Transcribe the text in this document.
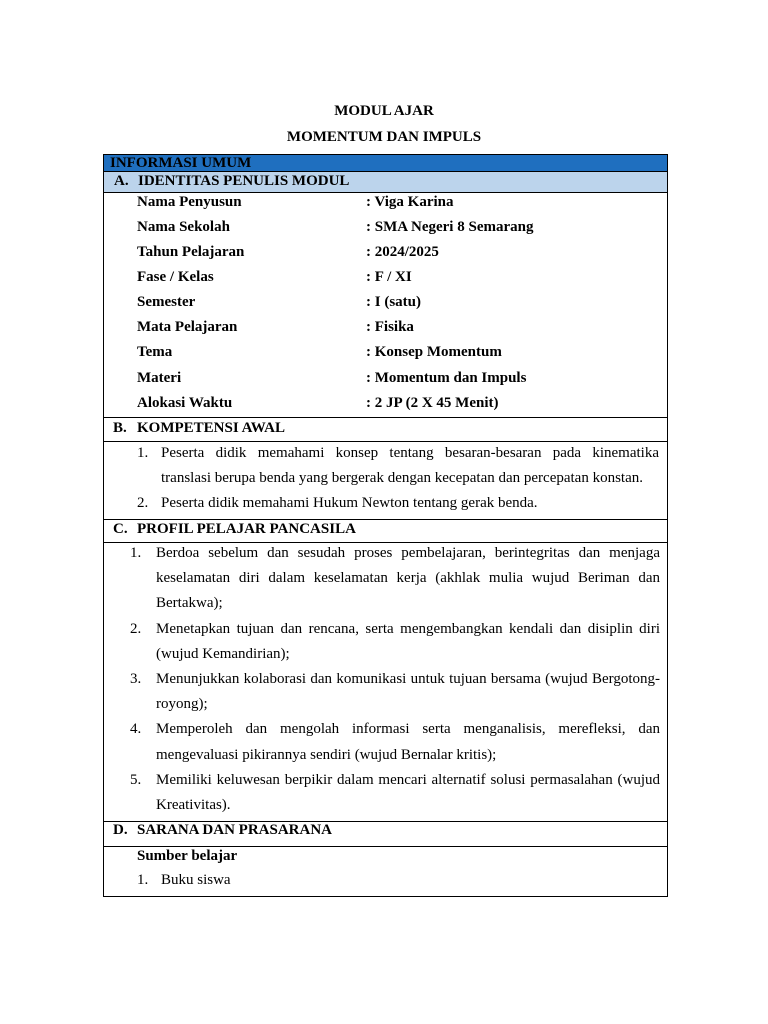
MODUL AJAR
MOMENTUM DAN IMPULS
INFORMASI UMUM
A. IDENTITAS PENULIS MODUL
Nama Penyusun	: Viga Karina
Nama Sekolah	: SMA Negeri 8 Semarang
Tahun Pelajaran	: 2024/2025
Fase / Kelas	: F / XI
Semester	: I (satu)
Mata Pelajaran	: Fisika
Tema	: Konsep Momentum
Materi	: Momentum dan Impuls
Alokasi Waktu	: 2 JP (2 X 45 Menit)
B. KOMPETENSI AWAL
1. Peserta didik memahami konsep tentang besaran-besaran pada kinematika translasi berupa benda yang bergerak dengan kecepatan dan percepatan konstan.
2. Peserta didik memahami Hukum Newton tentang gerak benda.
C. PROFIL PELAJAR PANCASILA
1. Berdoa sebelum dan sesudah proses pembelajaran, berintegritas dan menjaga keselamatan diri dalam keselamatan kerja (akhlak mulia wujud Beriman dan Bertakwa);
2. Menetapkan tujuan dan rencana, serta mengembangkan kendali dan disiplin diri (wujud Kemandirian);
3. Menunjukkan kolaborasi dan komunikasi untuk tujuan bersama (wujud Bergotong-royong);
4. Memperoleh dan mengolah informasi serta menganalisis, merefleksi, dan mengevaluasi pikirannya sendiri (wujud Bernalar kritis);
5. Memiliki keluwesan berpikir dalam mencari alternatif solusi permasalahan (wujud Kreativitas).
D. SARANA DAN PRASARANA
Sumber belajar
1. Buku siswa
